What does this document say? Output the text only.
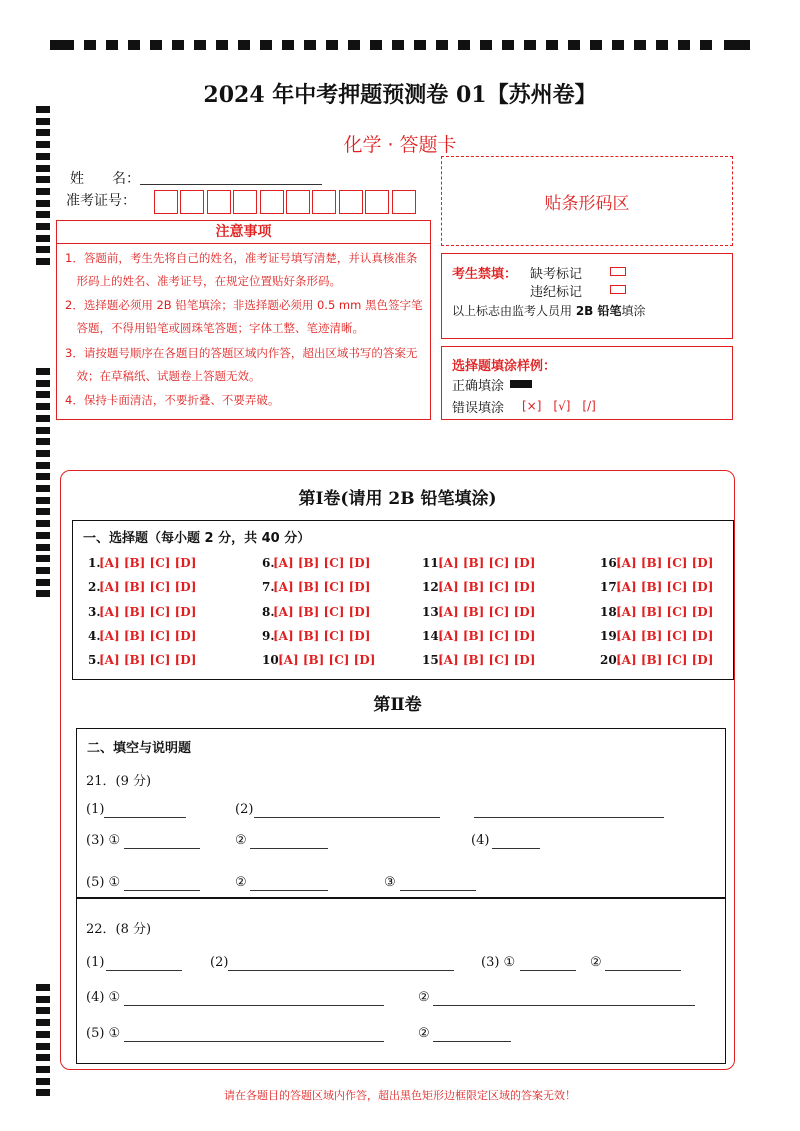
2024 年中考押题预测卷 01【苏州卷】
化学 · 答题卡
姓　　名：
准考证号：	贴条形码区
注意事项
1．答题前，考生先将自己的姓名，准考证号填写清楚，并认真核准条
　形码上的姓名、准考证号，在规定位置贴好条形码。
2．选择题必须用 2B 铅笔填涂；非选择题必须用 0.5 mm 黑色签字笔
　答题，不得用铅笔或圆珠笔答题；字体工整、笔迹清晰。
3．请按题号顺序在各题目的答题区域内作答，超出区域书写的答案无
　效；在草稿纸、试题卷上答题无效。
4．保持卡面清洁，不要折叠、不要弄破。
考生禁填： 缺考标记
违纪标记
以上标志由监考人员用 2B 铅笔填涂
选择题填涂样例：
正确填涂
错误填涂 [×]　[√]　[/]
第Ⅰ卷(请用 2B 铅笔填涂)
一、选择题（每小题 2 分，共 40 分）
1.
[A] [B] [C] [D]
2.
[A] [B] [C] [D]
3.
[A] [B] [C] [D]
4.
[A] [B] [C] [D]
5.
[A] [B] [C] [D]
6.
[A] [B] [C] [D]
7.
[A] [B] [C] [D]
8.
[A] [B] [C] [D]
9.
[A] [B] [C] [D]
10.
[A] [B] [C] [D]
11.
[A] [B] [C] [D]
12.
[A] [B] [C] [D]
13.
[A] [B] [C] [D]
14.
[A] [B] [C] [D]
15.
[A] [B] [C] [D]
16.
[A] [B] [C] [D]
17.
[A] [B] [C] [D]
18.
[A] [B] [C] [D]
19.
[A] [B] [C] [D]
20.
[A] [B] [C] [D]
第Ⅱ卷
二、填空与说明题
21．(9 分)
(1)	(2)
(3) ①	②	(4)
(5) ①	②	③
22．(8 分)
(1)	(2)	(3) ①	②
(4) ①	②
(5) ①	②
请在各题目的答题区域内作答，超出黑色矩形边框限定区域的答案无效！
